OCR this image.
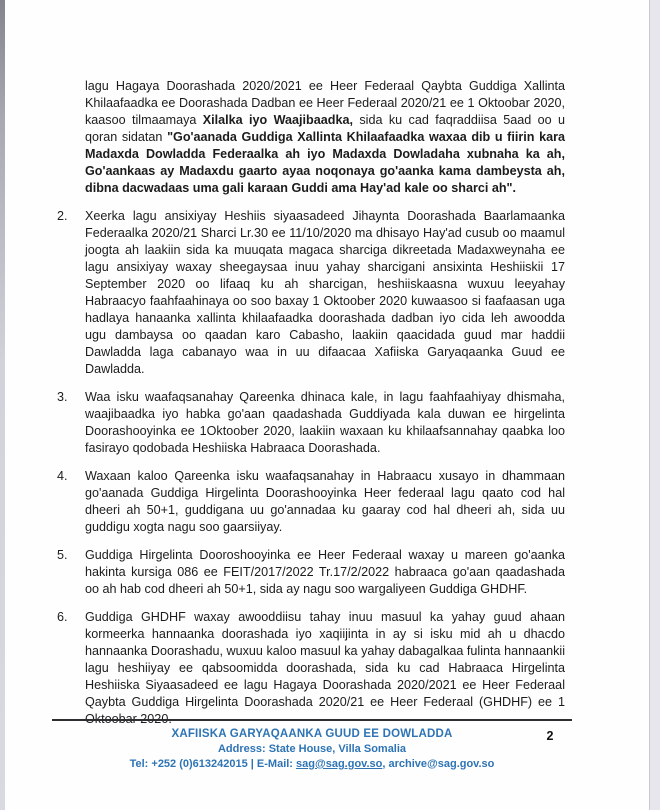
lagu Hagaya Doorashada 2020/2021 ee Heer Federaal Qaybta Guddiga Xallinta Khilaafaadka ee Doorashada Dadban ee Heer Federaal 2020/21 ee 1 Oktoobar 2020, kaasoo tilmaamaya Xilalka iyo Waajibaadka, sida ku cad faqraddiisa 5aad oo u qoran sidatan "Go'aanada Guddiga Xallinta Khilaafaadka waxaa dib u fiirin kara Madaxda Dowladda Federaalka ah iyo Madaxda Dowladaha xubnaha ka ah, Go'aankaas ay Madaxdu gaarto ayaa noqonaya go'aanka kama dambeysta ah, dibna dacwadaas uma gali karaan Guddi ama Hay'ad kale oo sharci ah".
2.	Xeerka lagu ansixiyay Heshiis siyaasadeed Jihaynta Doorashada Baarlamaanka Federaalka 2020/21 Sharci Lr.30 ee 11/10/2020 ma dhisayo Hay'ad cusub oo maamul joogta ah laakiin sida ka muuqata magaca sharciga dikreetada Madaxweynaha ee lagu ansixiyay waxay sheegaysaa inuu yahay sharcigani ansixinta Heshiiskii 17 September 2020 oo lifaaq ku ah sharcigan, heshiiskaasna wuxuu leeyahay Habraacyo faahfaahinaya oo soo baxay 1 Oktoober 2020 kuwaasoo si faafaasan uga hadlaya hanaanka xallinta khilaafaadka doorashada dadban iyo cida leh awoodda ugu dambaysa oo qaadan karo Cabasho, laakiin qaacidada guud mar haddii Dawladda laga cabanayo waa in uu difaacaa Xafiiska Garyaqaanka Guud ee Dawladda.
3.	Waa isku waafaqsanahay Qareenka dhinaca kale, in lagu faahfaahiyay dhismaha, waajibaadka iyo habka go'aan qaadashada Guddiyada kala duwan ee hirgelinta Doorashooyinka ee 1Oktoober 2020, laakiin waxaan ku khilaafsannahay qaabka loo fasirayo qodobada Heshiiska Habraaca Doorashada.
4.	Waxaan kaloo Qareenka isku waafaqsanahay in Habraacu xusayo in dhammaan go'aanada Guddiga Hirgelinta Doorashooyinka Heer federaal lagu qaato cod hal dheeri ah 50+1, guddigana uu go'annadaa ku gaaray cod hal dheeri ah, sida uu guddigu xogta nagu soo gaarsiiyay.
5.	Guddiga Hirgelinta Dooroshooyinka ee Heer Federaal waxay u mareen go'aanka hakinta kursiga 086 ee FEIT/2017/2022 Tr.17/2/2022 habraaca go'aan qaadashada oo ah hab cod dheeri ah 50+1, sida ay nagu soo wargaliyeen Guddiga GHDHF.
6.	Guddiga GHDHF waxay awooddiisu tahay inuu masuul ka yahay guud ahaan kormeerka hannaanka doorashada iyo xaqiijinta in ay si isku mid ah u dhacdo hannaanka Doorashadu, wuxuu kaloo masuul ka yahay dabagalkaa fulinta hannaankii lagu heshiiyay ee qabsoomidda doorashada, sida ku cad Habraaca Hirgelinta Heshiiska Siyaasadeed ee lagu Hagaya Doorashada 2020/2021 ee Heer Federaal Qaybta Guddiga Hirgelinta Doorashada 2020/21 ee Heer Federaal (GHDHF) ee 1 Oktoobar 2020.
XAFIISKA GARYAQAANKA GUUD EE DOWLADDA
Address: State House, Villa Somalia
Tel: +252 (0)613242015 | E-Mail: sag@sag.gov.so, archive@sag.gov.so
2
